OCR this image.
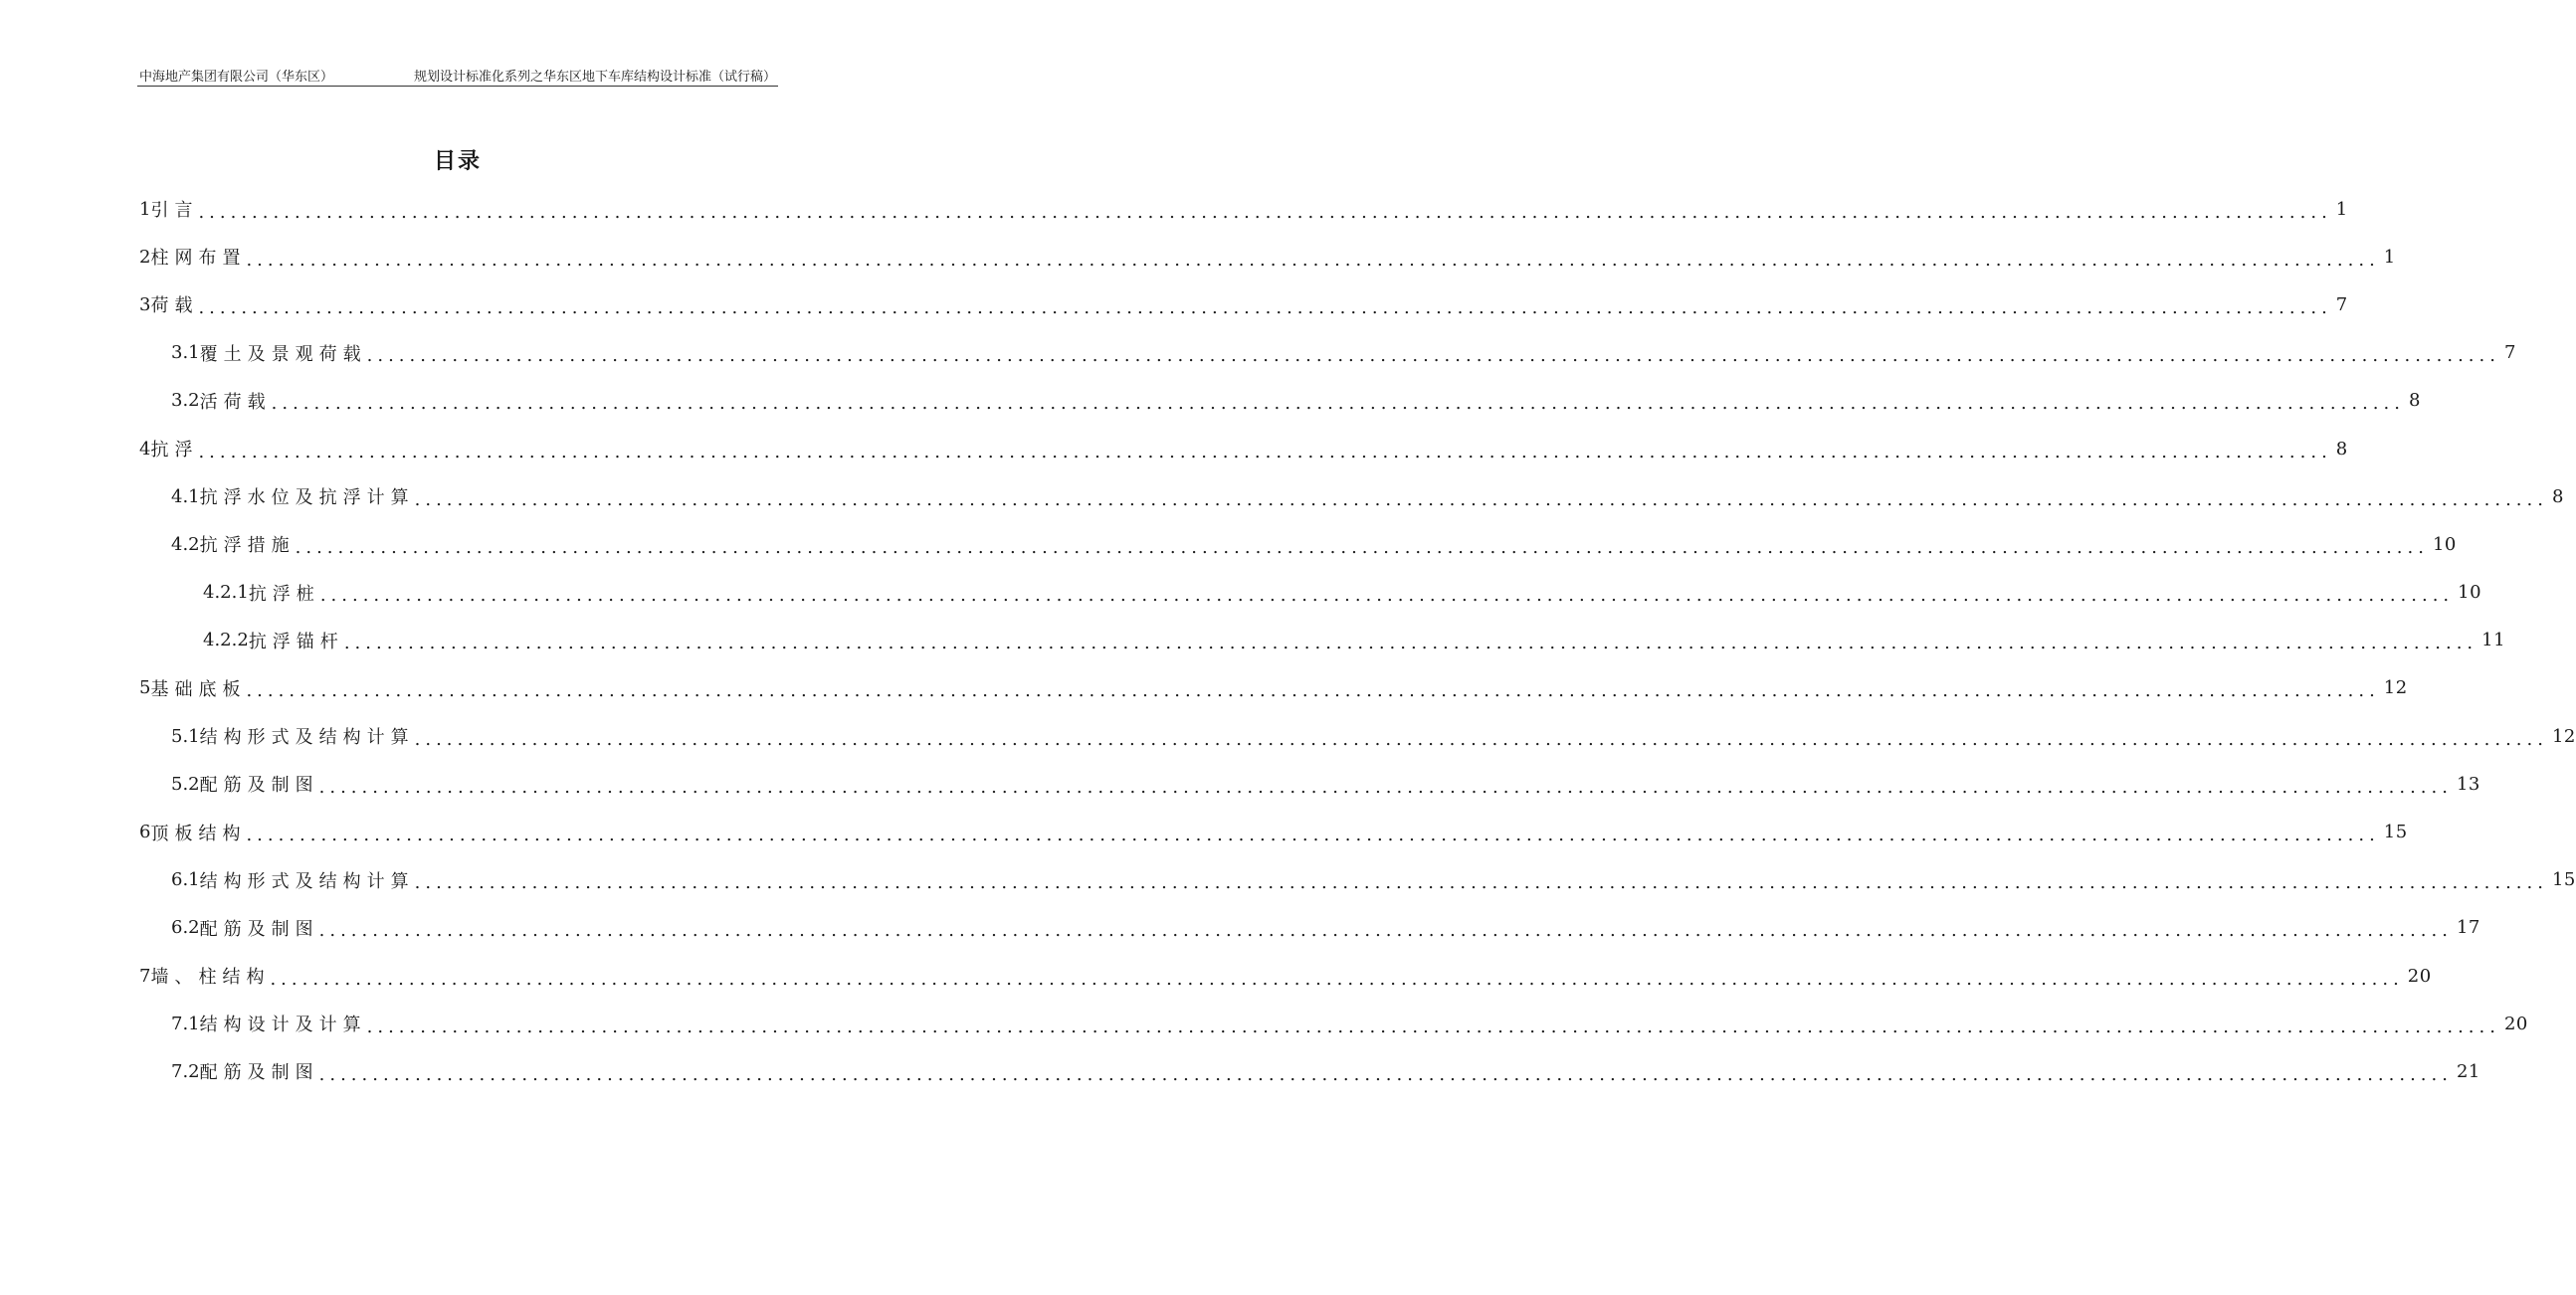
中海地产集团有限公司（华东区）	规划设计标准化系列之华东区地下车库结构设计标准（试行稿）
目录
1 引言 ........................................................................................................................................................................................................ 1
2 柱网布置 ........................................................................................................................................................................................................ 1
3 荷载 ........................................................................................................................................................................................................ 7
3.1 覆土及景观荷载 ........................................................................................................................................................................................................ 7
3.2 活荷载 ........................................................................................................................................................................................................ 8
4 抗浮 ........................................................................................................................................................................................................ 8
4.1 抗浮水位及抗浮计算 ........................................................................................................................................................................................................ 8
4.2 抗浮措施 ........................................................................................................................................................................................................ 10
4.2.1 抗浮桩 ........................................................................................................................................................................................................ 10
4.2.2 抗浮锚杆 ........................................................................................................................................................................................................ 11
5 基础底板 ........................................................................................................................................................................................................ 12
5.1 结构形式及结构计算 ........................................................................................................................................................................................................ 12
5.2 配筋及制图 ........................................................................................................................................................................................................ 13
6 顶板结构 ........................................................................................................................................................................................................ 15
6.1 结构形式及结构计算 ........................................................................................................................................................................................................ 15
6.2 配筋及制图 ........................................................................................................................................................................................................ 17
7 墙、柱结构 ........................................................................................................................................................................................................ 20
7.1 结构设计及计算 ........................................................................................................................................................................................................ 20
7.2 配筋及制图 ........................................................................................................................................................................................................ 21
